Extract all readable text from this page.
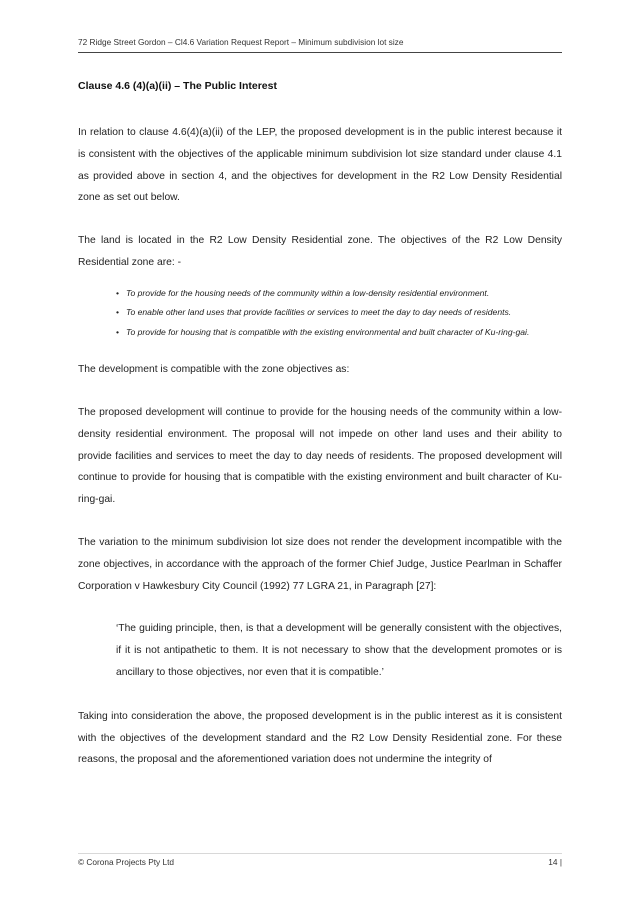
72 Ridge Street Gordon – Cl4.6 Variation Request Report – Minimum subdivision lot size
Clause 4.6 (4)(a)(ii) – The Public Interest

In relation to clause 4.6(4)(a)(ii) of the LEP, the proposed development is in the public interest because it is consistent with the objectives of the applicable minimum subdivision lot size standard under clause 4.1 as provided above in section 4, and the objectives for development in the R2 Low Density Residential zone as set out below.

The land is located in the R2 Low Density Residential zone. The objectives of the R2 Low Density Residential zone are: -

• To provide for the housing needs of the community within a low-density residential environment.
• To enable other land uses that provide facilities or services to meet the day to day needs of residents.
• To provide for housing that is compatible with the existing environmental and built character of Ku-ring-gai.

The development is compatible with the zone objectives as:

The proposed development will continue to provide for the housing needs of the community within a low-density residential environment. The proposal will not impede on other land uses and their ability to provide facilities and services to meet the day to day needs of residents. The proposed development will continue to provide for housing that is compatible with the existing environment and built character of Ku-ring-gai.

The variation to the minimum subdivision lot size does not render the development incompatible with the zone objectives, in accordance with the approach of the former Chief Judge, Justice Pearlman in Schaffer Corporation v Hawkesbury City Council (1992) 77 LGRA 21, in Paragraph [27]:

‘The guiding principle, then, is that a development will be generally consistent with the objectives, if it is not antipathetic to them. It is not necessary to show that the development promotes or is ancillary to those objectives, nor even that it is compatible.’

Taking into consideration the above, the proposed development is in the public interest as it is consistent with the objectives of the development standard and the R2 Low Density Residential zone. For these reasons, the proposal and the aforementioned variation does not undermine the integrity of

© Corona Projects Pty Ltd	14 |
